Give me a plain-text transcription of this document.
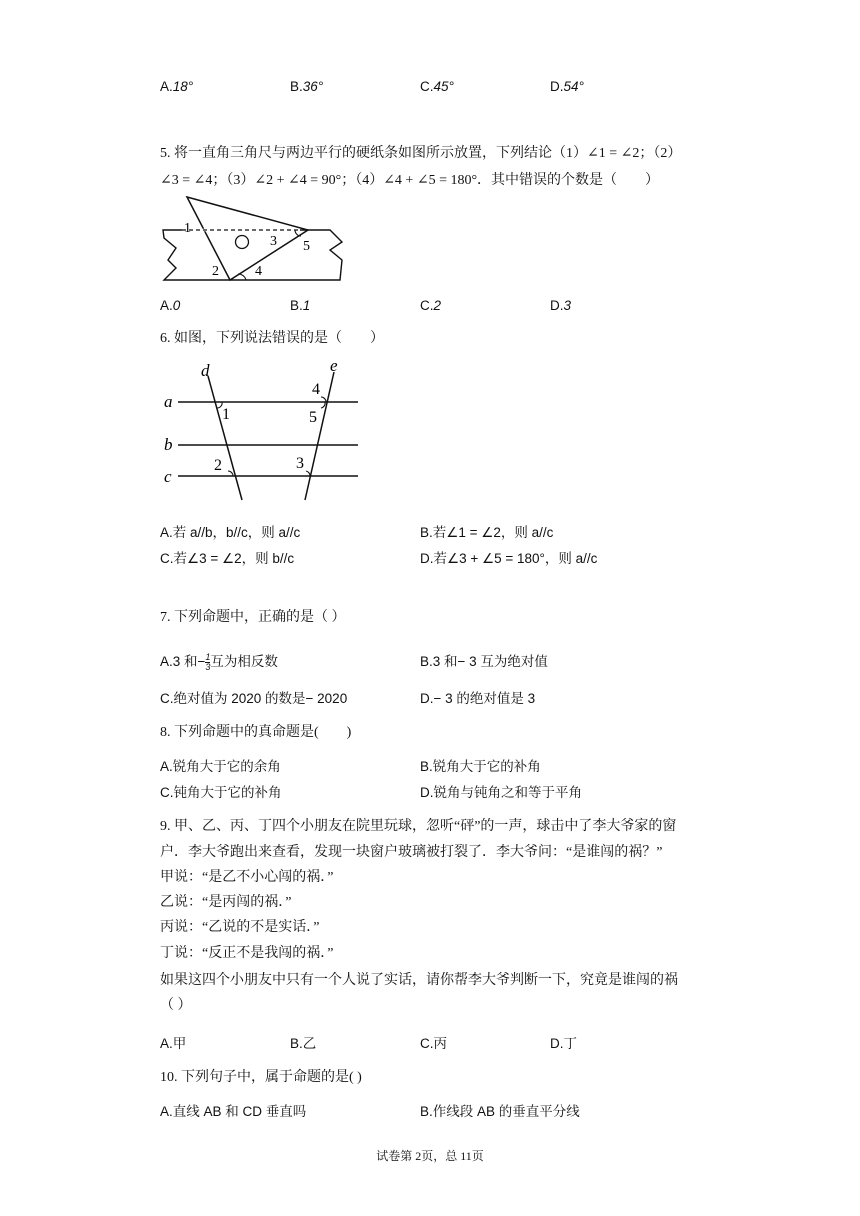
A.18°	B.36°	C.45°	D.54°
5. 将一直角三角尺与两边平行的硬纸条如图所示放置，下列结论（1）∠1 = ∠2；（2）
∠3 = ∠4；（3）∠2 + ∠4 = 90°；（4）∠4 + ∠5 = 180°．其中错误的个数是（　　）
1
3 5
2	4
A.0	B.1	C.2	D.3
6. 如图，下列说法错误的是（　　）
d	e
a
b
c
1
2	3
4
5
A.若 a//b，b//c，则 a//c	B.若∠1 = ∠2，则 a//c
C.若∠3 = ∠2，则 b//c	D.若∠3 + ∠5 = 180°，则 a//c
7. 下列命题中，正确的是（ ）
A.3 和− $\frac{1}{3}$ 互为相反数	B.3 和− 3 互为绝对值
C.绝对值为 2020 的数是− 2020	D.− 3 的绝对值是 3
8. 下列命题中的真命题是(　　)
A.锐角大于它的余角	B.锐角大于它的补角
C.钝角大于它的补角	D.锐角与钝角之和等于平角
9. 甲、乙、丙、丁四个小朋友在院里玩球，忽听“砰”的一声，球击中了李大爷家的窗
户．李大爷跑出来查看，发现一块窗户玻璃被打裂了．李大爷问：“是谁闯的祸？”
甲说：“是乙不小心闯的祸．”
乙说：“是丙闯的祸．”
丙说：“乙说的不是实话．”
丁说：“反正不是我闯的祸．”
如果这四个小朋友中只有一个人说了实话，请你帮李大爷判断一下，究竟是谁闯的祸
（ ）
A.甲	B.乙	C.丙	D.丁
10. 下列句子中，属于命题的是( )
A.直线 AB 和 CD 垂直吗	B.作线段 AB 的垂直平分线
试卷第 2页，总 11页
